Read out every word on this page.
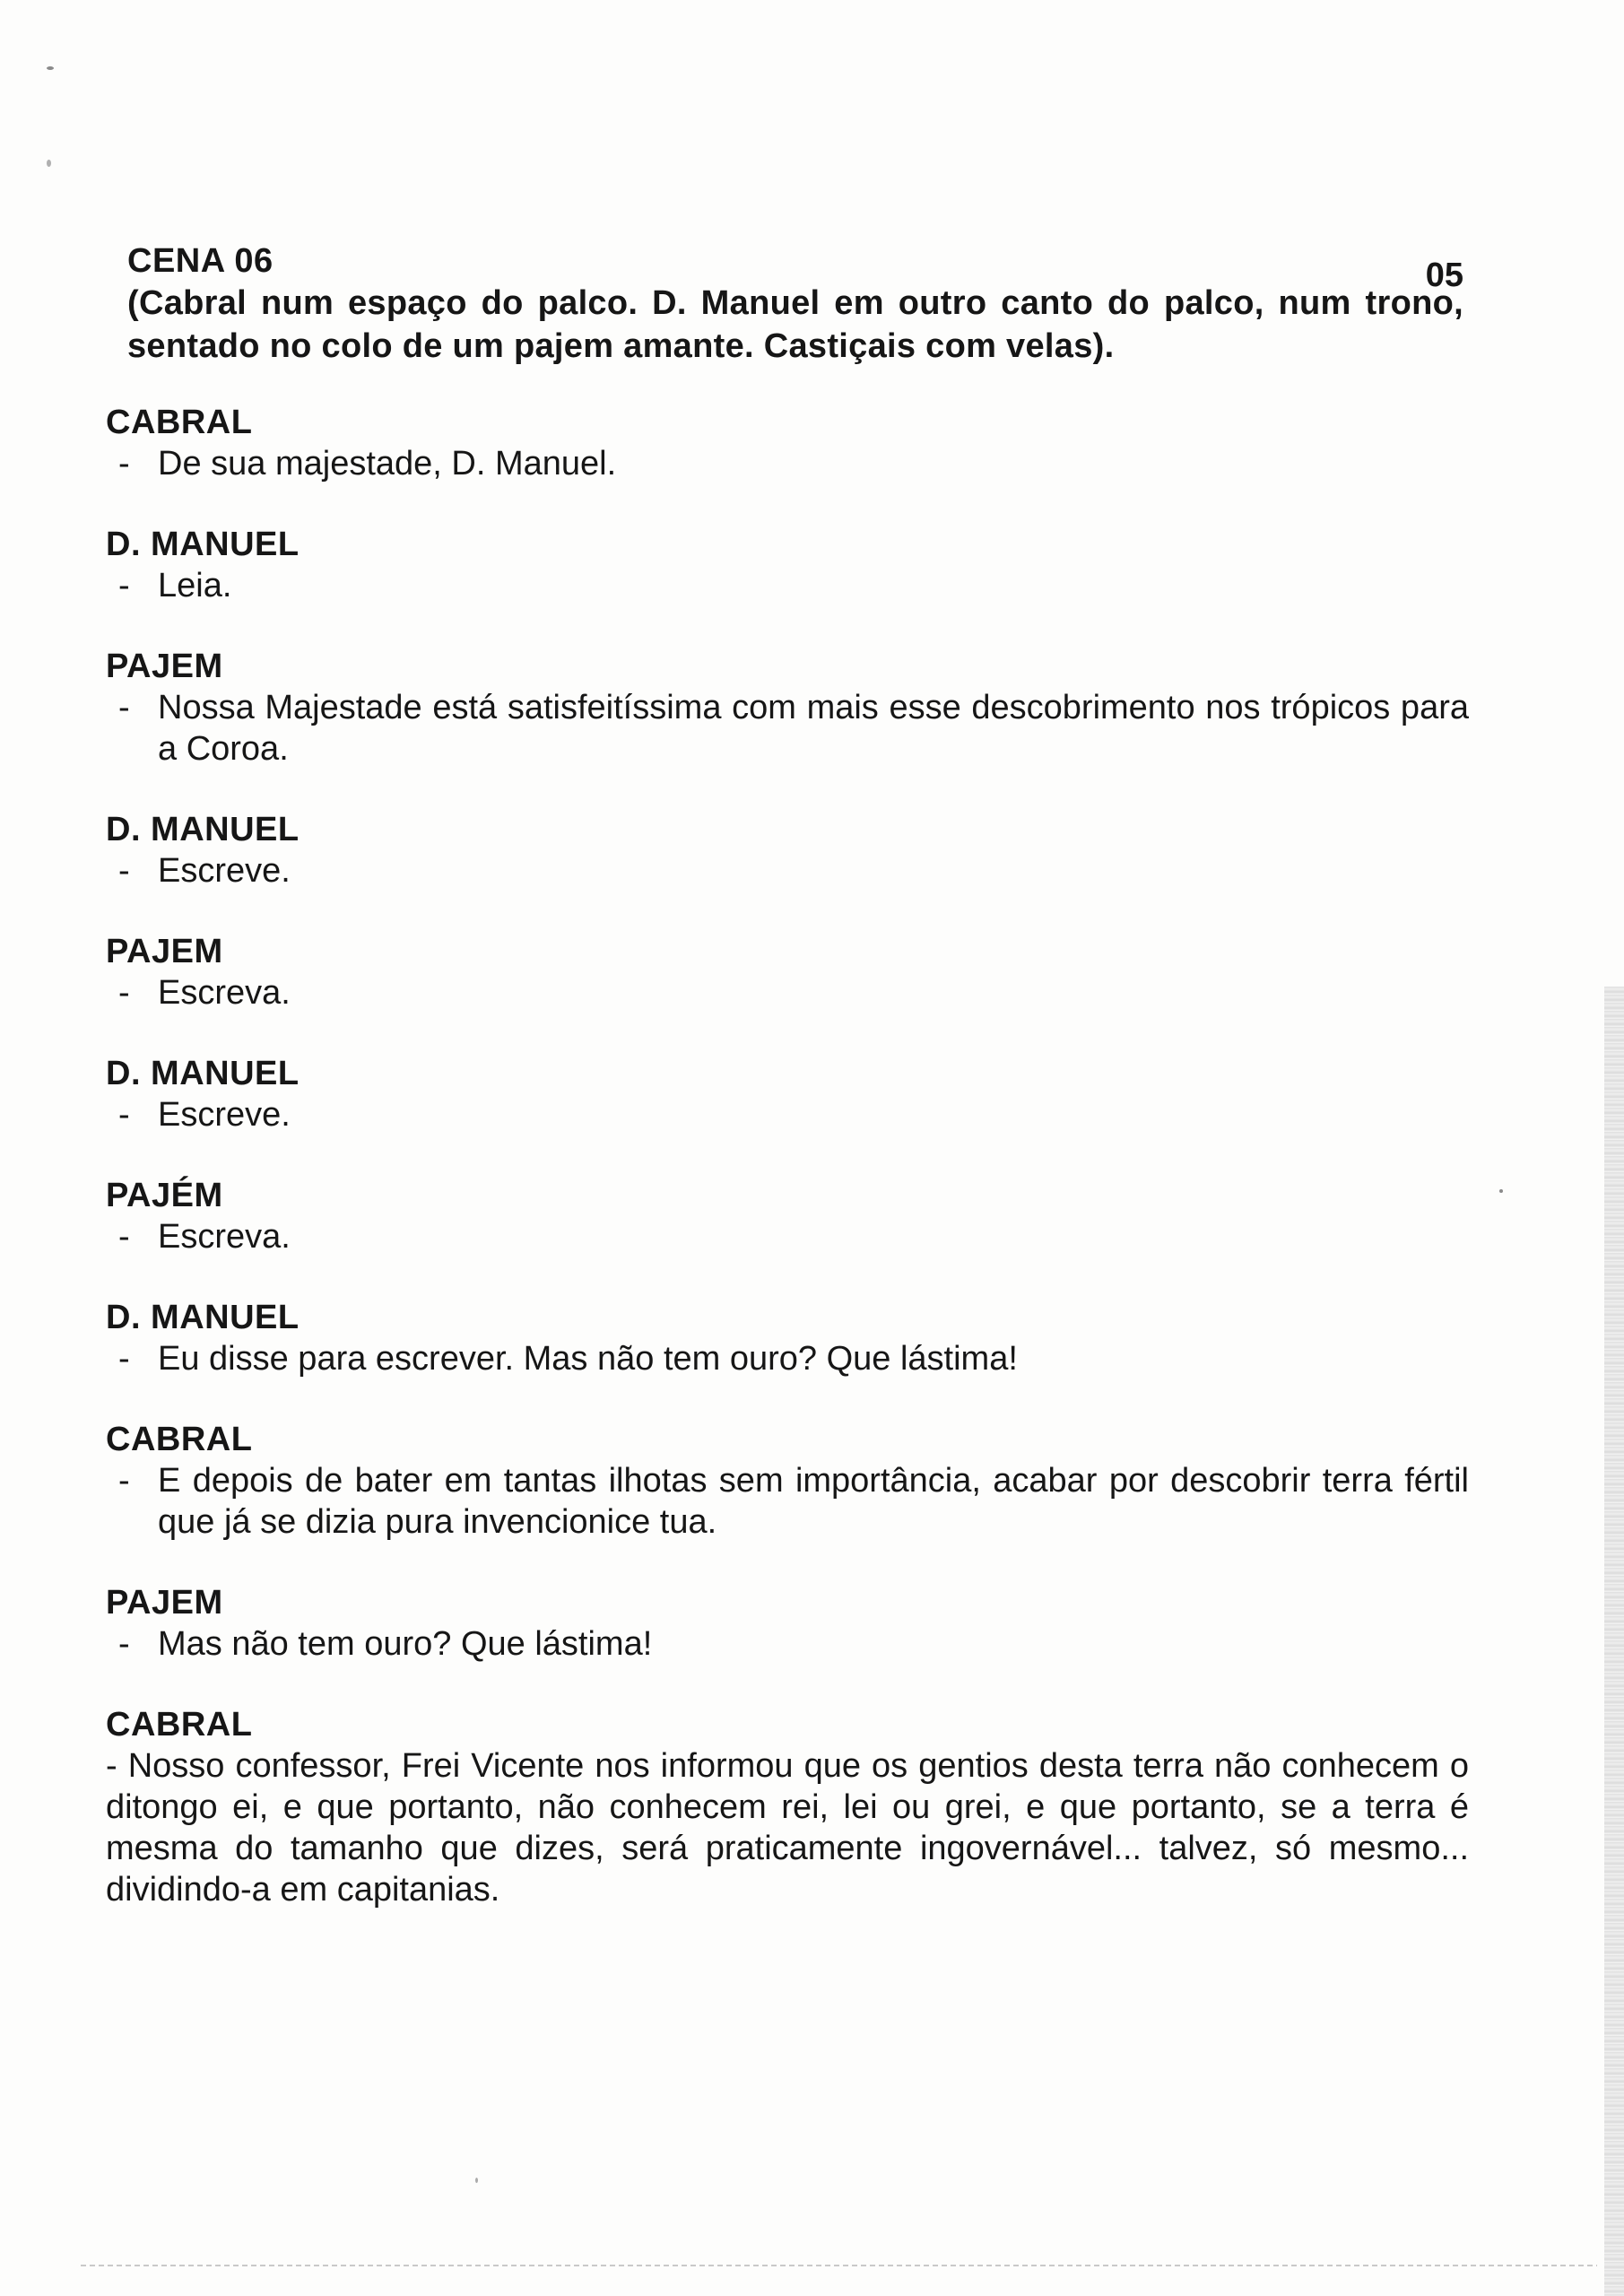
CENA 06	05
(Cabral num espaço do palco. D. Manuel em outro canto do palco, num trono, sentado no colo de um pajem amante. Castiçais com velas).
CABRAL
- De sua majestade, D. Manuel.
D. MANUEL
- Leia.
PAJEM
- Nossa Majestade está satisfeitíssima com mais esse descobrimento nos trópicos para a Coroa.
D. MANUEL
- Escreve.
PAJEM
- Escreva.
D. MANUEL
- Escreve.
PAJÉM
- Escreva.
D. MANUEL
- Eu disse para escrever. Mas não tem ouro? Que lástima!
CABRAL
- E depois de bater em tantas ilhotas sem importância, acabar por descobrir terra fértil que já se dizia pura invencionice tua.
PAJEM
- Mas não tem ouro? Que lástima!
CABRAL
- Nosso confessor, Frei Vicente nos informou que os gentios desta terra não conhecem o ditongo ei, e que portanto, não conhecem rei, lei ou grei, e que portanto, se a terra é mesma do tamanho que dizes, será praticamente ingovernável... talvez, só mesmo... dividindo-a em capitanias.
